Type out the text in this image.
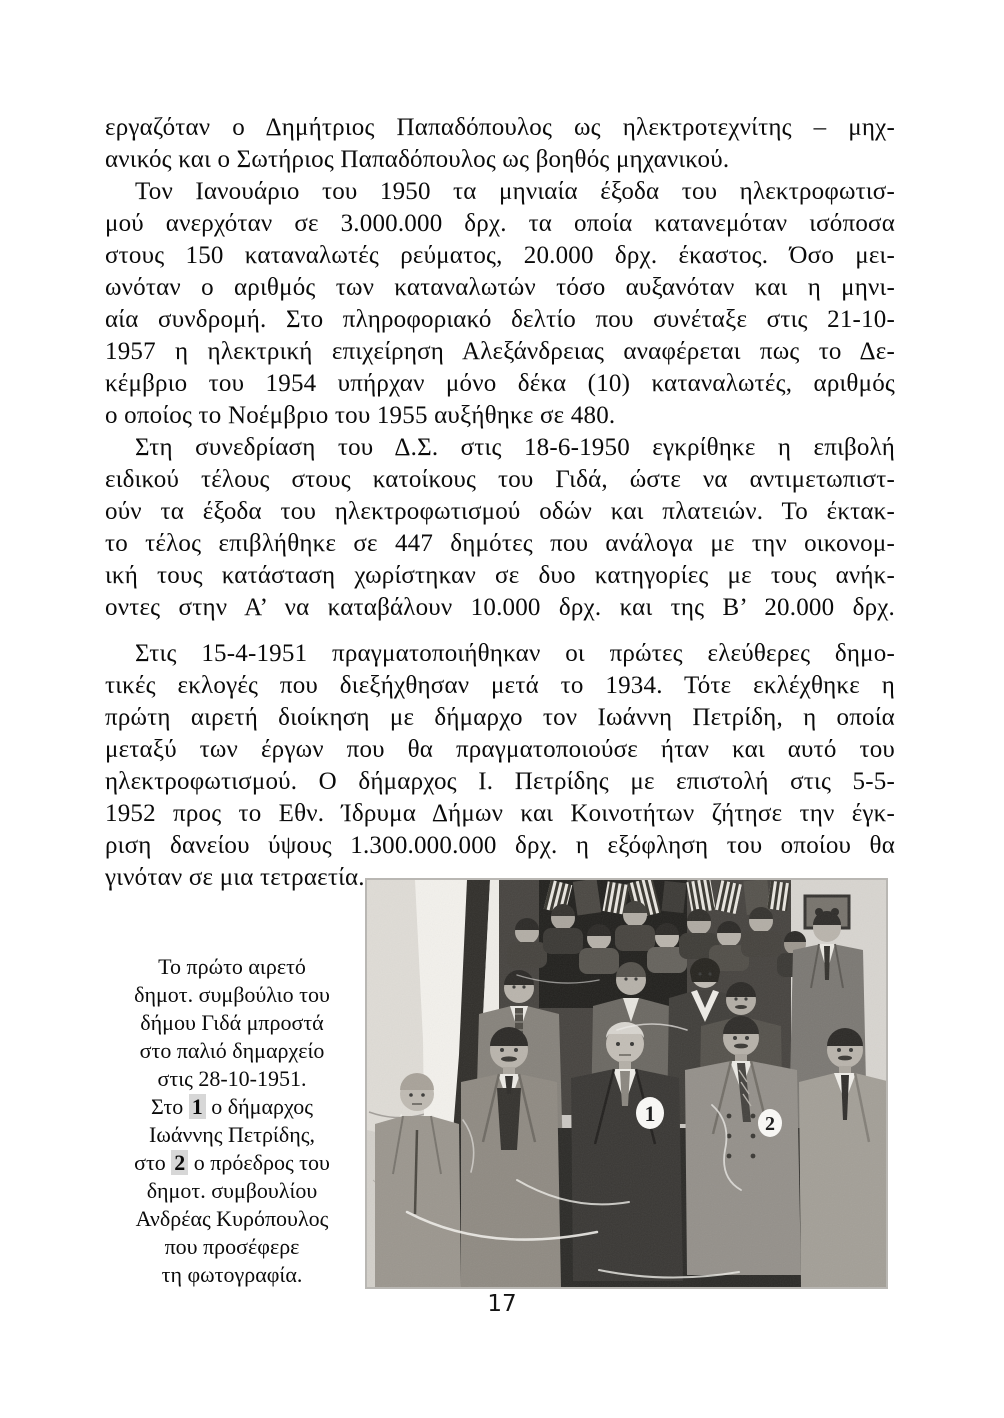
εργαζόταν ο Δημήτριος Παπαδόπουλος ως ηλεκτροτεχνίτης – μηχ-
ανικός και ο Σωτήριος Παπαδόπουλος ως βοηθός μηχανικού.
Τον Ιανουάριο του 1950 τα μηνιαία έξοδα του ηλεκτροφωτισ-
μού ανερχόταν σε 3.000.000 δρχ. τα οποία κατανεμόταν ισόποσα
στους 150 καταναλωτές ρεύματος, 20.000 δρχ. έκαστος. Όσο μει-
ωνόταν ο αριθμός των καταναλωτών τόσο αυξανόταν και η μηνι-
αία συνδρομή. Στο πληροφοριακό δελτίο που συνέταξε στις 21-10-
1957 η ηλεκτρική επιχείρηση Αλεξάνδρειας αναφέρεται πως το Δε-
κέμβριο του 1954 υπήρχαν μόνο δέκα (10) καταναλωτές, αριθμός
ο οποίος το Νοέμβριο του 1955 αυξήθηκε σε 480.
Στη συνεδρίαση του Δ.Σ. στις 18-6-1950 εγκρίθηκε η επιβολή
ειδικού τέλους στους κατοίκους του Γιδά, ώστε να αντιμετωπιστ-
ούν τα έξοδα του ηλεκτροφωτισμού οδών και πλατειών. Το έκτακ-
το τέλος επιβλήθηκε σε 447 δημότες που ανάλογα με την οικονομ-
ική τους κατάσταση χωρίστηκαν σε δυο κατηγορίες με τους ανήκ-
οντες στην Α’ να καταβάλουν 10.000 δρχ. και της Β’ 20.000 δρχ.
Στις 15-4-1951 πραγματοποιήθηκαν οι πρώτες ελεύθερες δημο-
τικές εκλογές που διεξήχθησαν μετά το 1934. Τότε εκλέχθηκε η
πρώτη αιρετή διοίκηση με δήμαρχο τον Ιωάννη Πετρίδη, η οποία
μεταξύ των έργων που θα πραγματοποιούσε ήταν και αυτό του
ηλεκτροφωτισμού. Ο δήμαρχος Ι. Πετρίδης με επιστολή στις 5-5-
1952 προς το Εθν. Ίδρυμα Δήμων και Κοινοτήτων ζήτησε την έγκ-
ριση δανείου ύψους 1.300.000.000 δρχ. η εξόφληση του οποίου θα
γινόταν σε μια τετραετία.
Το πρώτο αιρετό
δημοτ. συμβούλιο του
δήμου Γιδά μπροστά
στο παλιό δημαρχείο
στις 28-10-1951.
Στο 1 ο δήμαρχος
Ιωάννης Πετρίδης,
στο 2 ο πρόεδρος του
δημοτ. συμβουλίου
Ανδρέας Κυρόπουλος
που προσέφερε
τη φωτογραφία.
1	2
17
